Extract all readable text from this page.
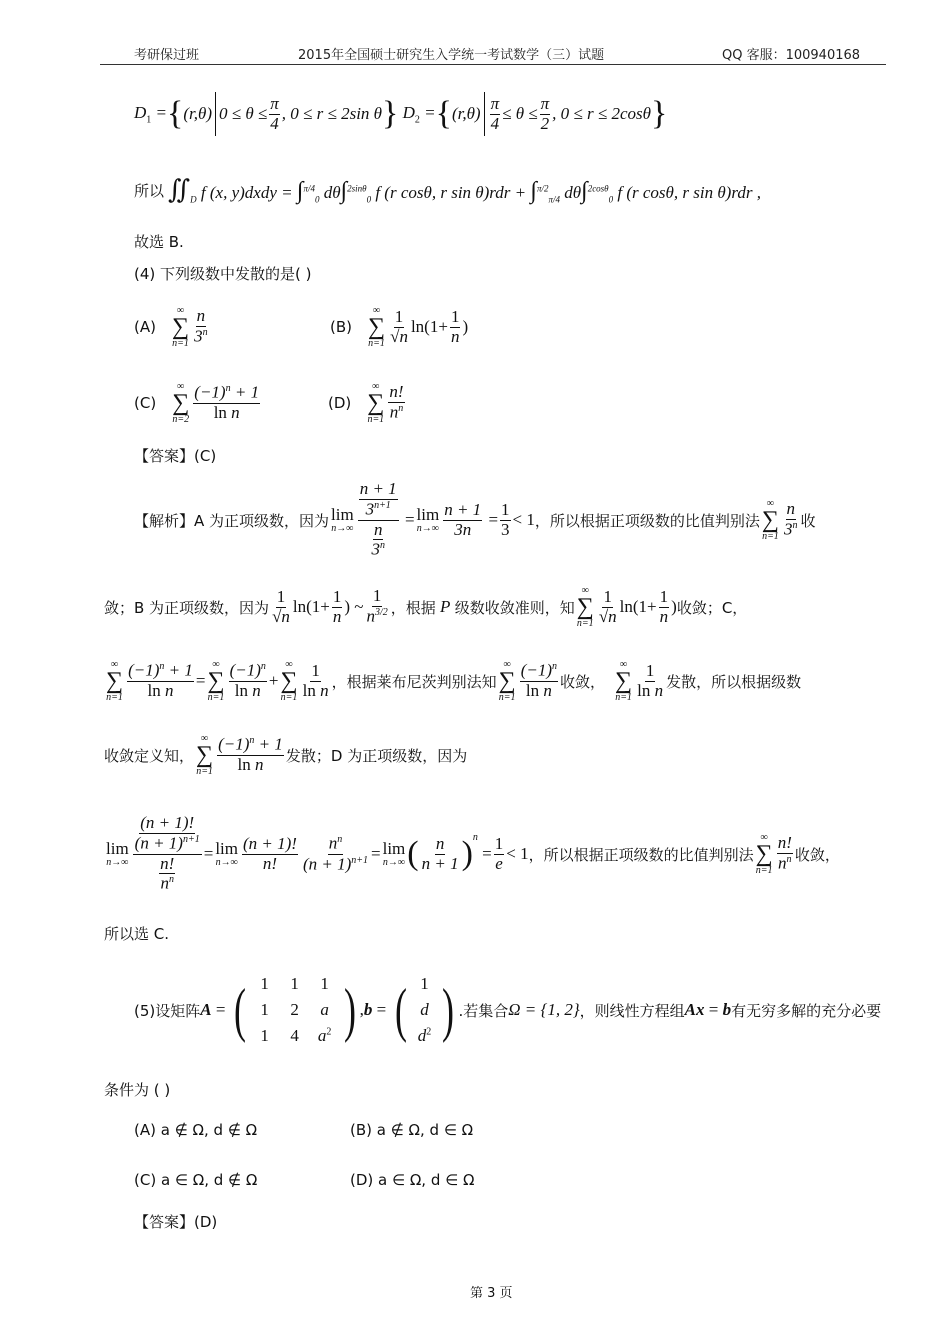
考研保过班	2015年全国硕士研究生入学统一考试数学（三）试题	QQ 客服：100940168
$D_1$ = { (r,θ) $0 \le \theta \le \frac{\pi}{4}$ , 0 ≤ r ≤ 2sin θ } $D_2$ = { $(r,\theta) \frac{\pi}{4} \le \theta \le \frac{\pi}{2}$ , 0 ≤ r ≤ 2cosθ }
所以 $∬_D$ f (x, y)dxdy = ∫$^{\pi/4}_0$ dθ∫$^{2sin\theta}_0$ f (r cosθ, r sin θ)rdr + ∫$^{\pi/2}_{\pi/4}$ dθ∫$^{2cos\theta}_0$ f (r cosθ, r sin θ)rdr ,
故选 B.
(4) 下列级数中发散的是( )
(A)
∞
∑
$n=1 \frac{n}{3^n}$	(B)
∞
∑
$n=1 \frac{1}{√n} \ln(1+ \frac{1}{n}$ )
(C)
∞
∑
$n=2 \frac{(-1)^n + 1}{\text{ln n}}$	(D)
∞
∑
$n=1 \frac{n!}{n^n}$
【答案】(C)
【解析】A 为正项级数，因为 lim
$n\to\infty \frac{\frac{n + 1}{3^{n+1}}}{\frac{n}{3^n}} = \lim$
$n\to\infty \frac{n + 1}{3n} = \frac{1}{3} < 1$ ，所以根据正项级数的比值判别法
∞
∑
$n=1 \frac{n}{3^n}$ 收
敛；B 为正项级数，因为 $\frac{1}{√n} \ln(1+ \frac{1}{n}$ ) ~ $\frac{1}{n^{3/2}}$ ，根据 P 级数收敛准则，知
∞
∑
$n=1 \frac{1}{√n} \ln(1+ \frac{1}{n}$ ) 收敛；C，
∞
∑
$n=1 \frac{(-1)^n + 1}{\text{ln n}}$ =
∞
∑
$n=1 \frac{(-1)^n}{\text{ln n}}$ +
∞
∑
$n=1 \frac{1}{\text{ln n}}$ ，根据莱布尼茨判别法知
∞
∑
$n=1 \frac{(-1)^n}{\text{ln n}}$ 收敛，
∞
∑
$n=1 \frac{1}{\text{ln n}}$ 发散，所以根据级数
收敛定义知，
∞
∑
$n=1 \frac{(-1)^n + 1}{\text{ln n}}$ 发散；D 为正项级数，因为
lim
$n\to\infty \frac{\frac{(n + 1)!}{(n + 1)^{n+1}}}{\frac{n!}{n^n}} = \lim$
$n\to\infty \frac{(n + 1)!}{n!} \frac{n^n}{(n + 1)^{n+1}} = \lim$
n→∞ ( $\frac{n}{n + 1} )^n$
= $\frac{1}{e} < 1$ ，所以根据正项级数的比值判别法
∞
∑
$n=1 \frac{n!}{n^n}$ 收敛，
所以选 C.
(5)设矩阵 A = ( 1	1	1
1	2	a
1	4	$a^2$ ) , b = ( 1
d
$d^2$ ) .若集合 Ω = {1, 2} ，则线性方程组 Ax = b 有无穷多解的充分必要
条件为 ( )
(A) a ∉ Ω, d ∉ Ω	(B) a ∉ Ω, d ∈ Ω
(C) a ∈ Ω, d ∉ Ω	(D) a ∈ Ω, d ∈ Ω
【答案】(D)
第 3 页
